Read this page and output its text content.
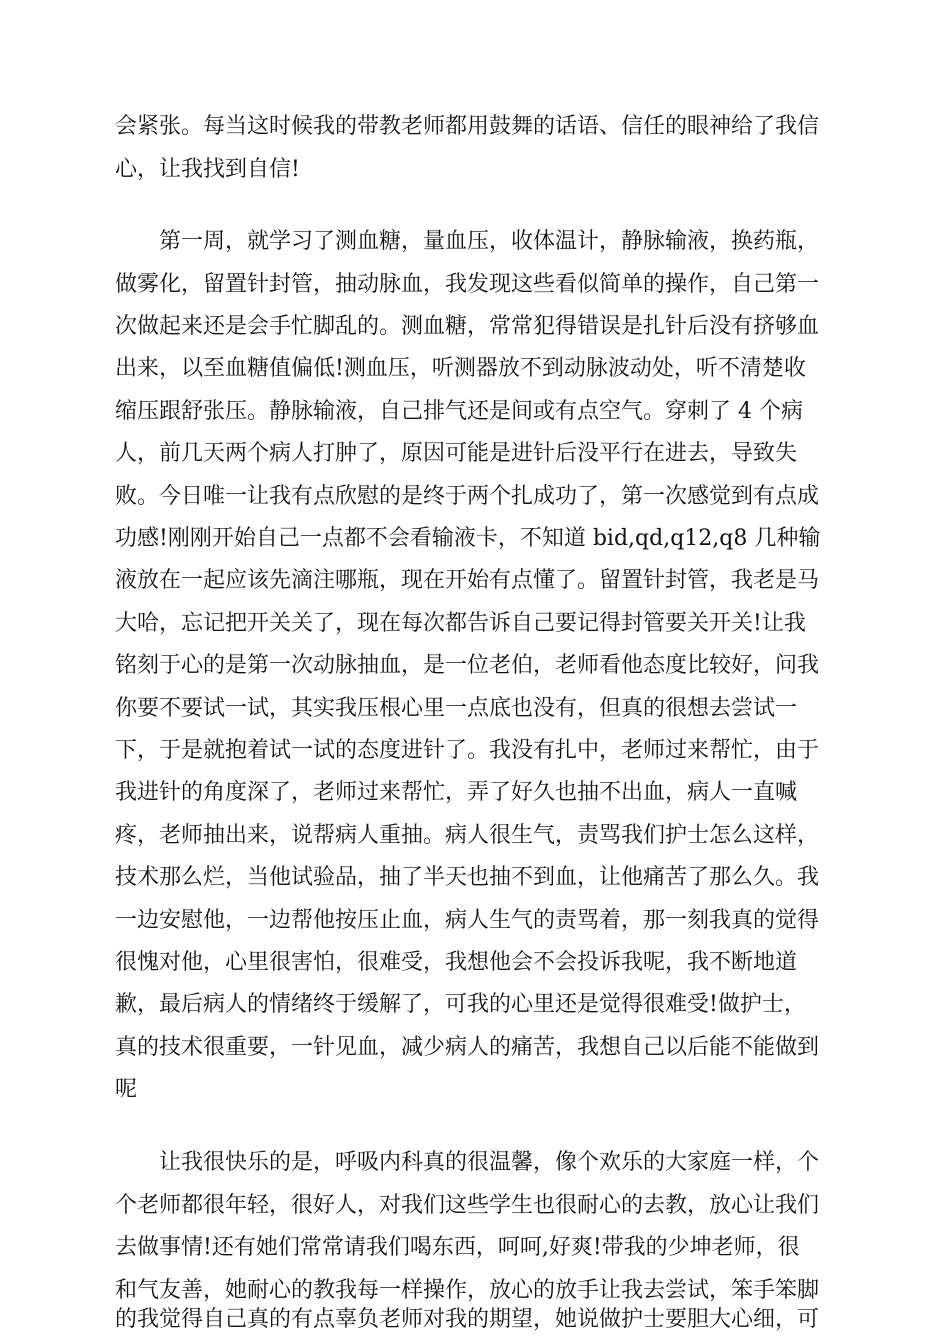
会紧张。每当这时候我的带教老师都用鼓舞的话语、信任的眼神给了我信
心，让我找到自信!
第一周，就学习了测血糖，量血压，收体温计，静脉输液，换药瓶，
做雾化，留置针封管，抽动脉血，我发现这些看似简单的操作，自己第一
次做起来还是会手忙脚乱的。测血糖，常常犯得错误是扎针后没有挤够血
出来，以至血糖值偏低!测血压，听测器放不到动脉波动处，听不清楚收
缩压跟舒张压。静脉输液，自己排气还是间或有点空气。穿刺了 4 个病
人，前几天两个病人打肿了，原因可能是进针后没平行在进去，导致失
败。今日唯一让我有点欣慰的是终于两个扎成功了，第一次感觉到有点成
功感!刚刚开始自己一点都不会看输液卡，不知道 bid,qd,q12,q8 几种输
液放在一起应该先滴注哪瓶，现在开始有点懂了。留置针封管，我老是马
大哈，忘记把开关关了，现在每次都告诉自己要记得封管要关开关!让我
铭刻于心的是第一次动脉抽血，是一位老伯，老师看他态度比较好，问我
你要不要试一试，其实我压根心里一点底也没有，但真的很想去尝试一
下，于是就抱着试一试的态度进针了。我没有扎中，老师过来帮忙，由于
我进针的角度深了，老师过来帮忙，弄了好久也抽不出血，病人一直喊
疼，老师抽出来，说帮病人重抽。病人很生气，责骂我们护士怎么这样，
技术那么烂，当他试验品，抽了半天也抽不到血，让他痛苦了那么久。我
一边安慰他，一边帮他按压止血，病人生气的责骂着，那一刻我真的觉得
很愧对他，心里很害怕，很难受，我想他会不会投诉我呢，我不断地道
歉，最后病人的情绪终于缓解了，可我的心里还是觉得很难受!做护士，
真的技术很重要，一针见血，减少病人的痛苦，我想自己以后能不能做到
呢
让我很快乐的是，呼吸内科真的很温馨，像个欢乐的大家庭一样，个
个老师都很年轻，很好人，对我们这些学生也很耐心的去教，放心让我们
去做事情!还有她们常常请我们喝东西，呵呵,好爽!带我的少坤老师，很
和气友善，她耐心的教我每一样操作，放心的放手让我去尝试，笨手笨脚
的我觉得自己真的有点辜负老师对我的期望，她说做护士要胆大心细，可
